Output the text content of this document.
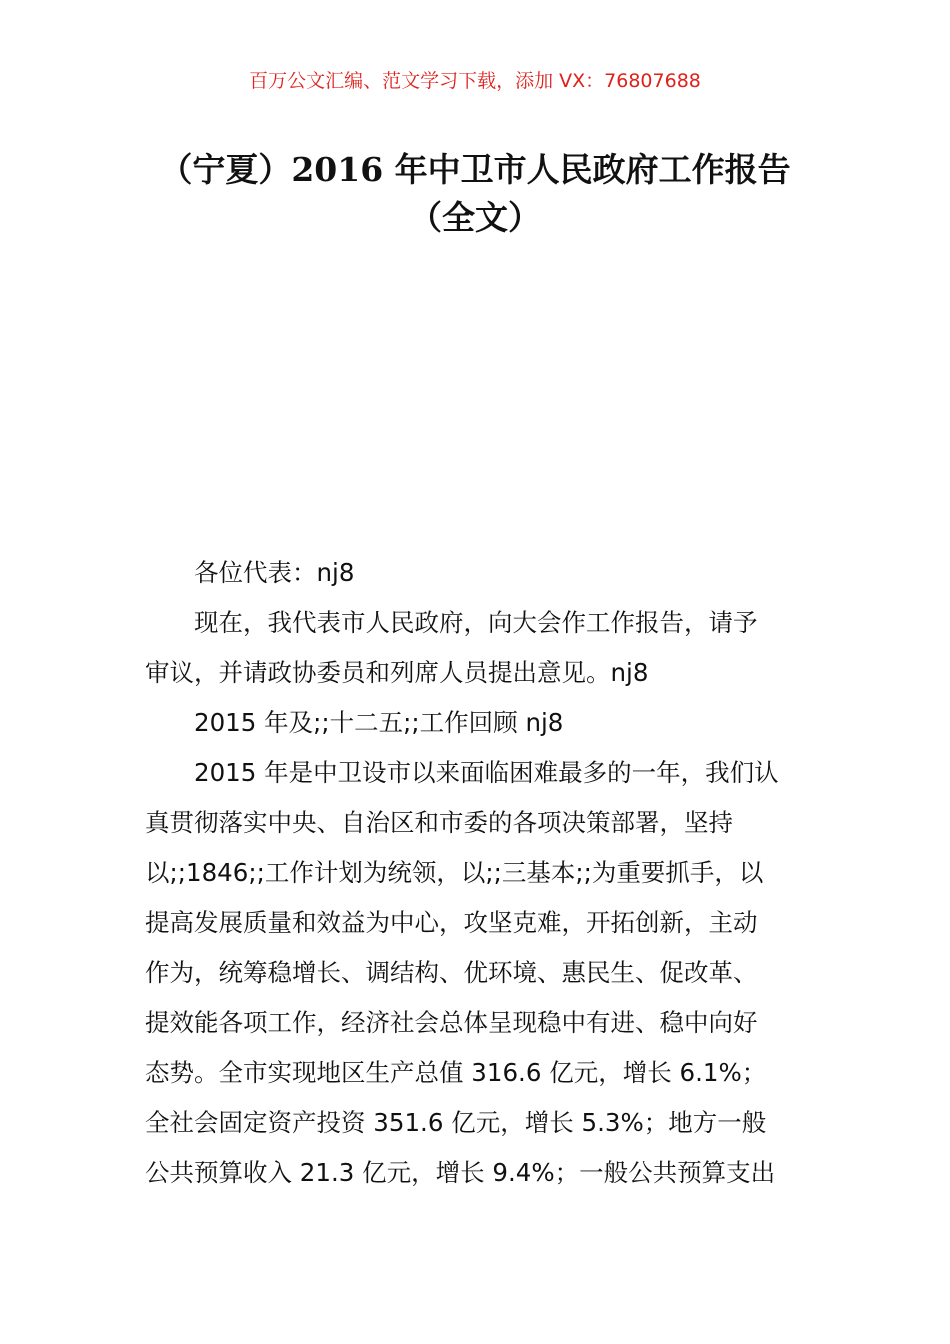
百万公文汇编、范文学习下载，添加 VX：76807688
（宁夏）2016 年中卫市人民政府工作报告
（全文）

各位代表：nj8

现在，我代表市人民政府，向大会作工作报告，请予

审议，并请政协委员和列席人员提出意见。nj8

2015 年及;;十二五;;工作回顾 nj8

2015 年是中卫设市以来面临困难最多的一年，我们认

真贯彻落实中央、自治区和市委的各项决策部署，坚持

以;;1846;;工作计划为统领，以;;三基本;;为重要抓手，以

提高发展质量和效益为中心，攻坚克难，开拓创新，主动

作为，统筹稳增长、调结构、优环境、惠民生、促改革、

提效能各项工作，经济社会总体呈现稳中有进、稳中向好

态势。全市实现地区生产总值 316.6 亿元，增长 6.1%；

全社会固定资产投资 351.6 亿元，增长 5.3%；地方一般

公共预算收入 21.3 亿元，增长 9.4%；一般公共预算支出
